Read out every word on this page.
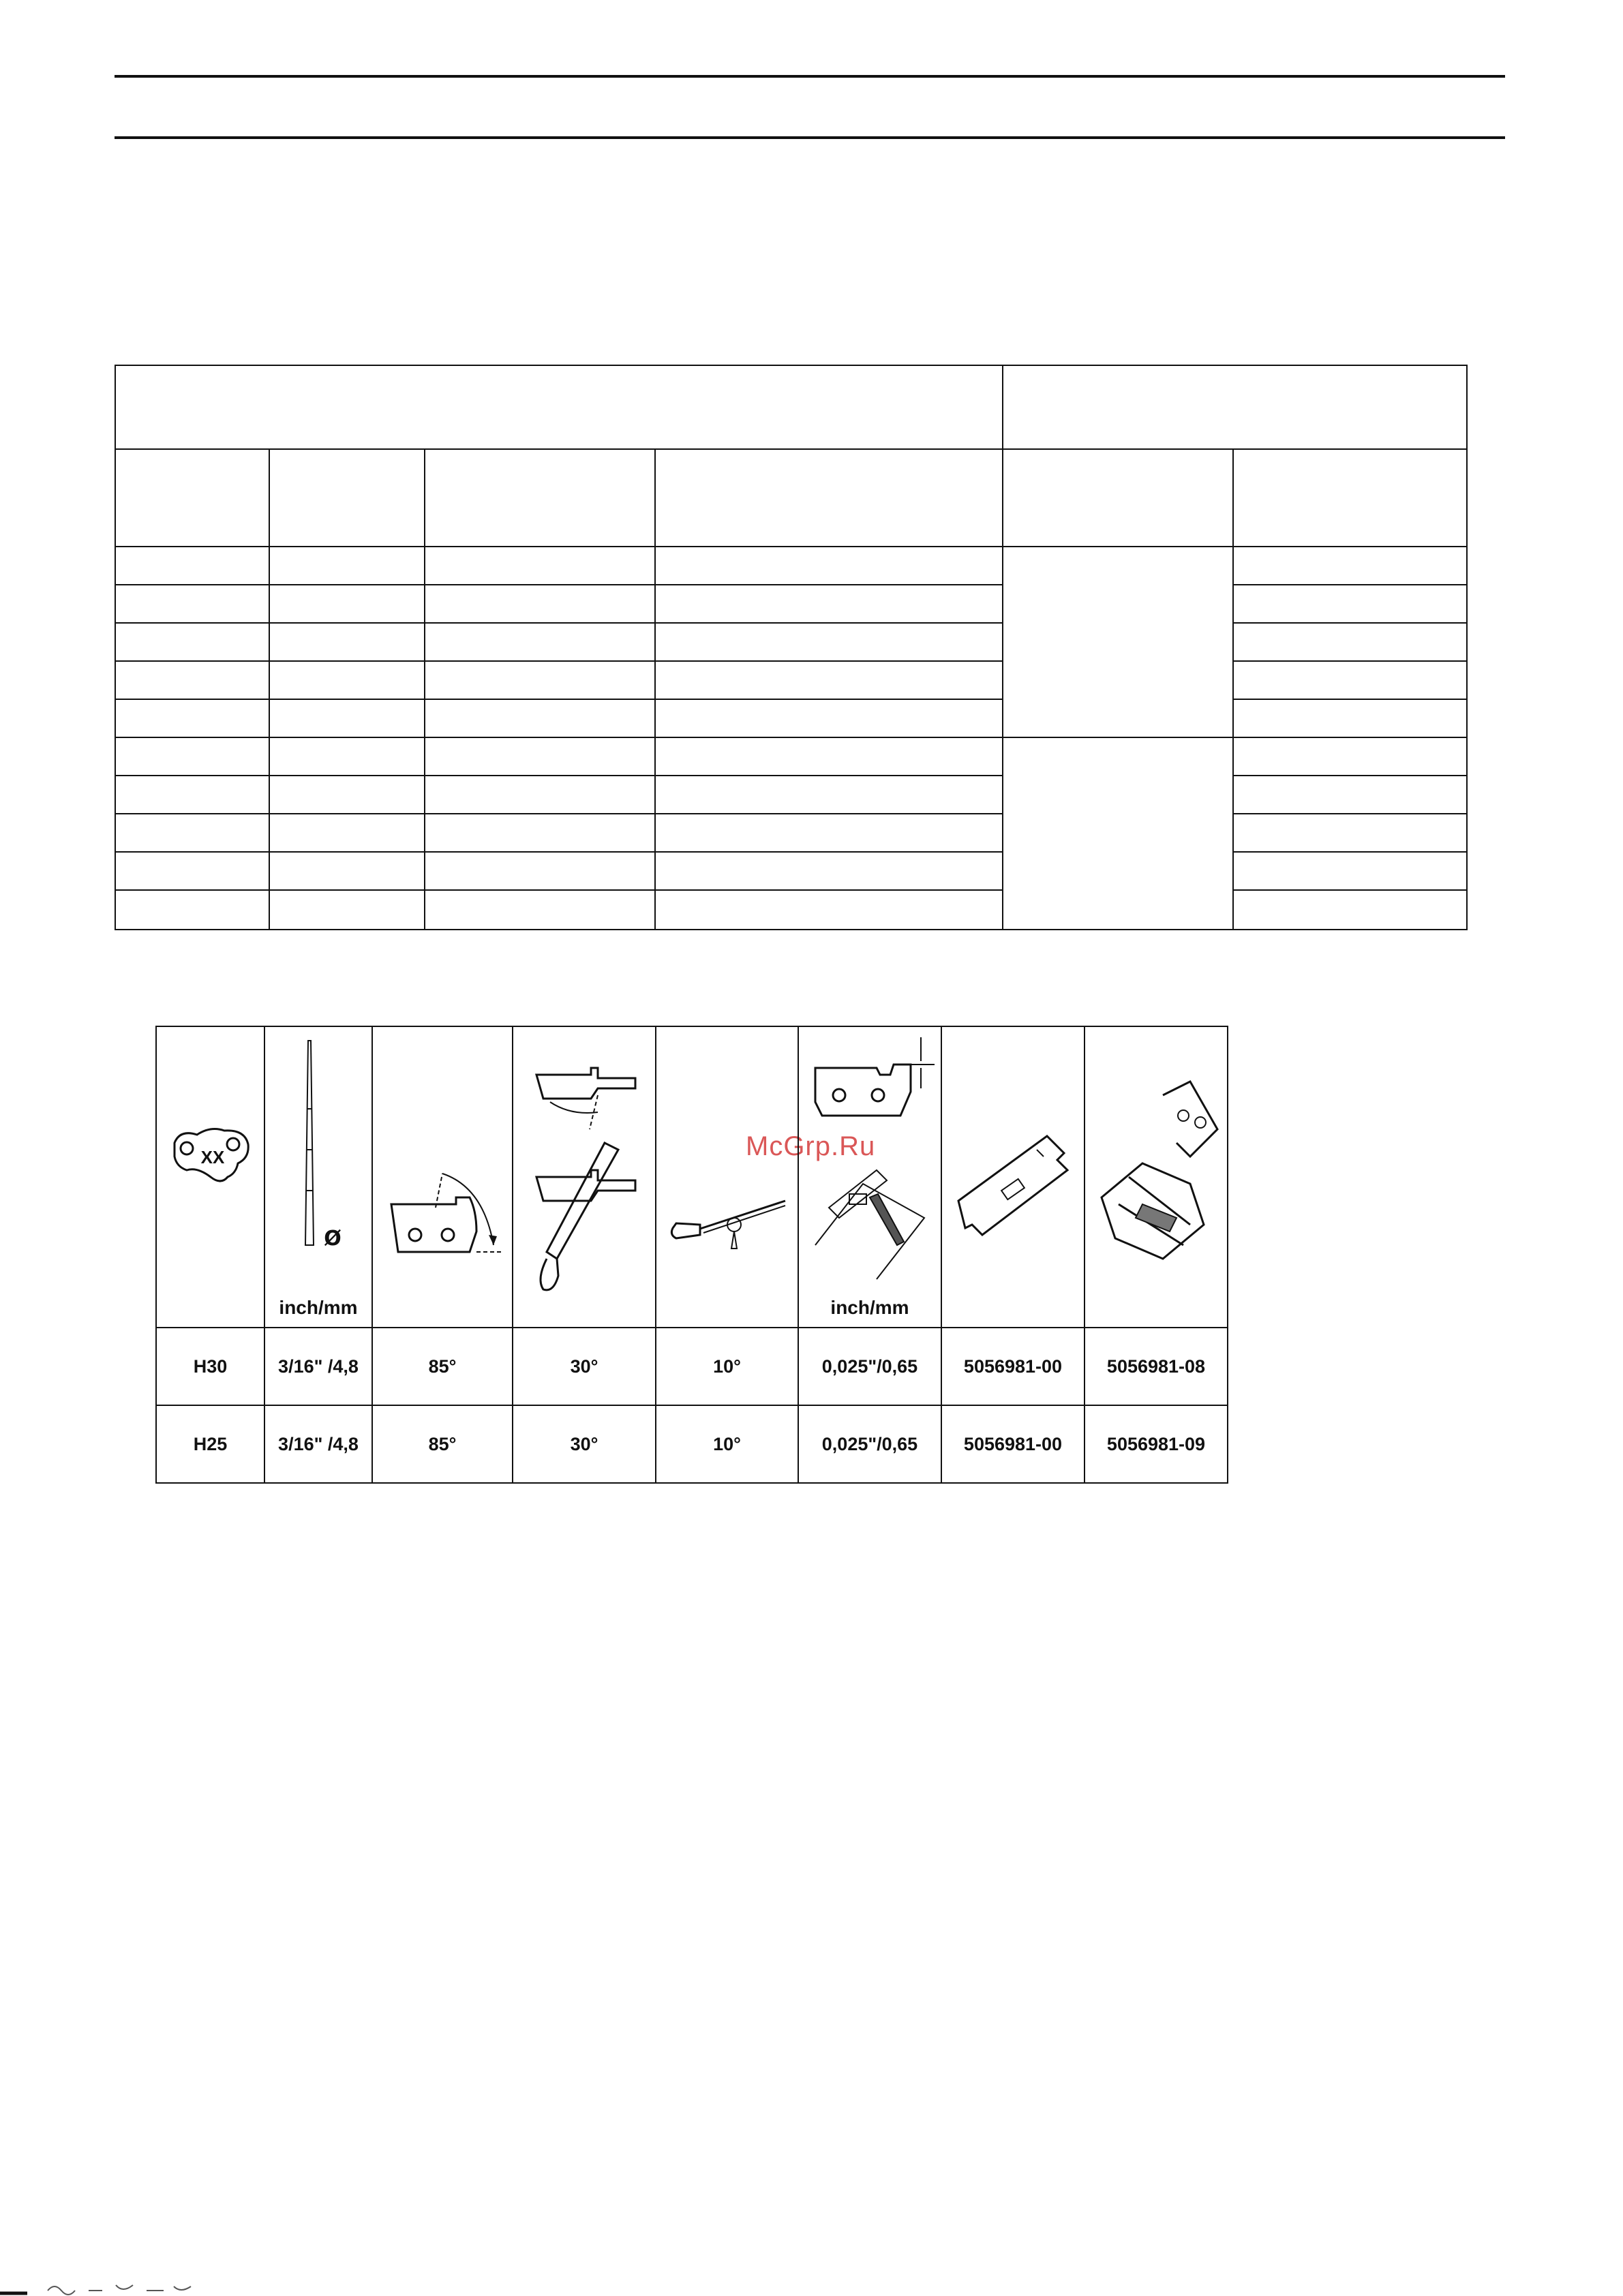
McGrp.Ru
XX	Ø
inch/mm				inch/mm

H30	3/16" /4,8	85°	30°	10°	0,025"/0,65	5056981-00	5056981-08
H25	3/16" /4,8	85°	30°	10°	0,025"/0,65	5056981-00	5056981-09
